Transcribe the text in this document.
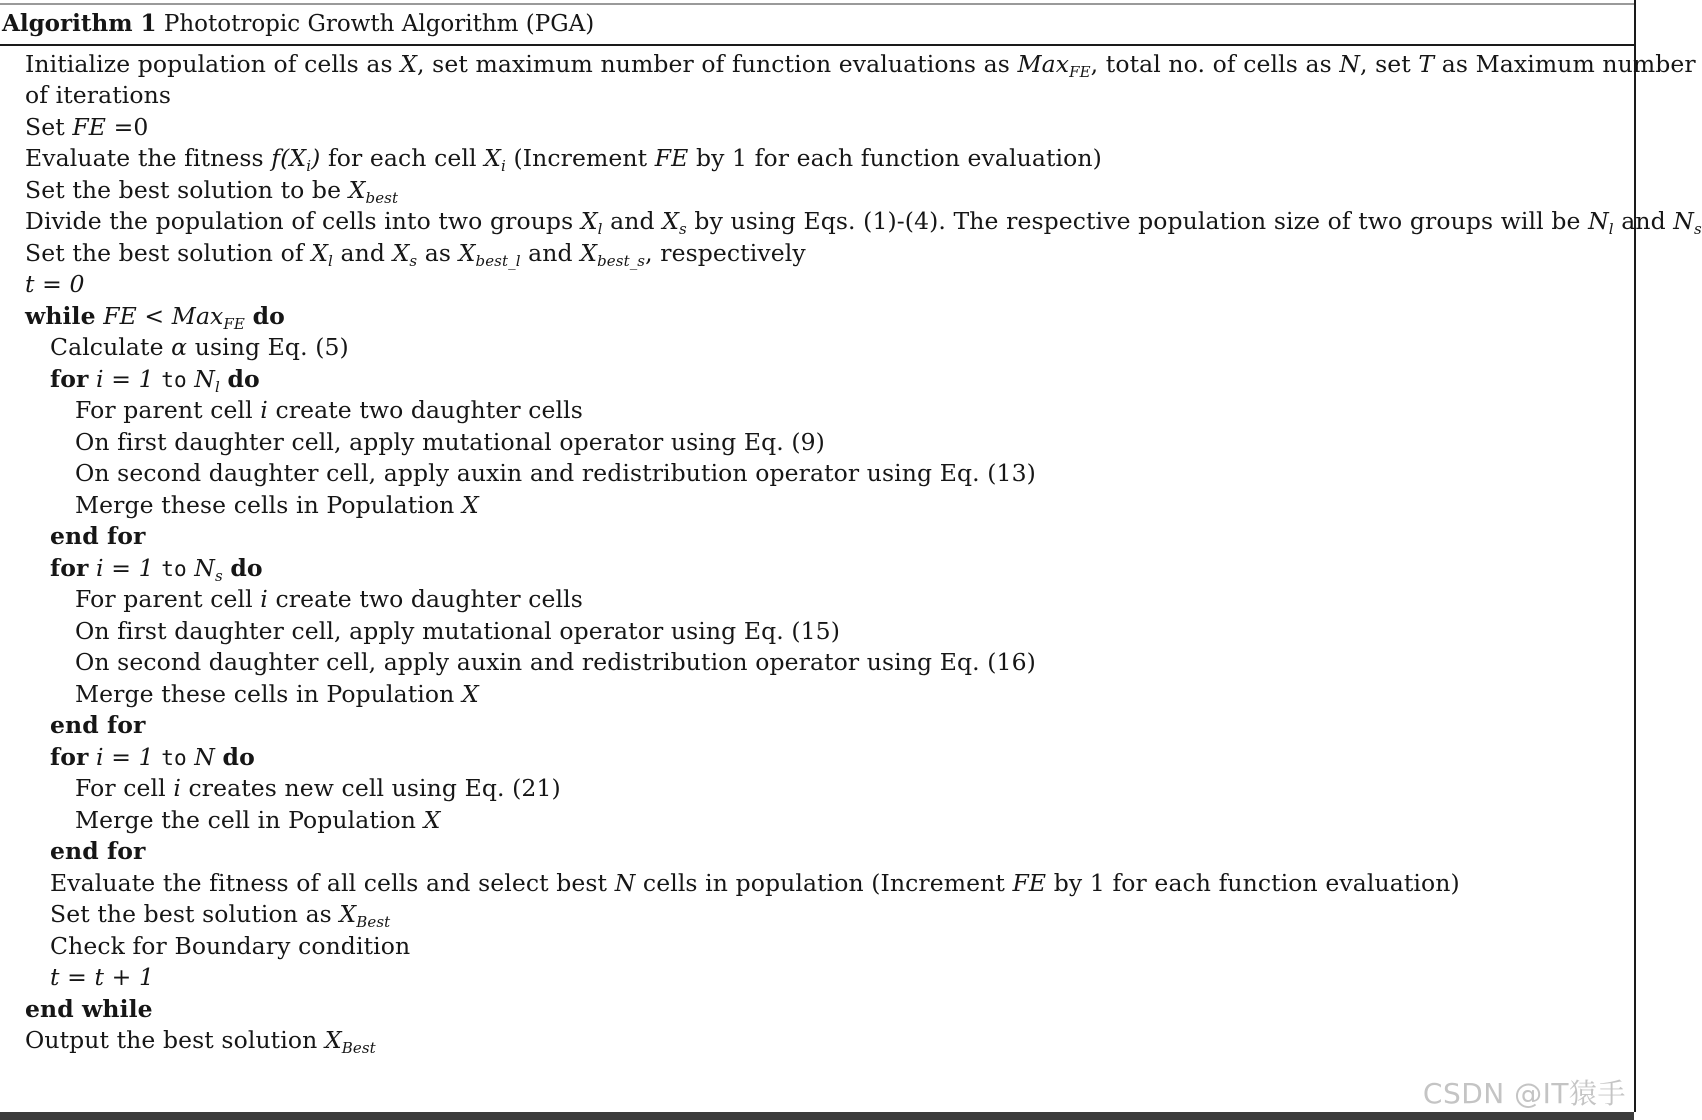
Algorithm 1 Phototropic Growth Algorithm (PGA)
Initialize population of cells as X, set maximum number of function evaluations as Max$_{FE}$, total no. of cells as N, set T as Maximum number
of iterations
Set FE =0
Evaluate the fitness $f(X_i)$ for each cell $X_i$ (Increment FE by 1 for each function evaluation)
Set the best solution to be $X_{best}$
Divide the population of cells into two groups $X_l$ and $X_s$ by using Eqs. (1)-(4). The respective population size of two groups will be $N_l$ and $N_s$
Set the best solution of $X_l$ and $X_s$ as $X_{best\_l}$ and $X_{best\_s}$, respectively
t = 0
while FE < Max$_{FE}$ do
Calculate α using Eq. (5)
for i = 1 to $N_l$ do
For parent cell i create two daughter cells
On first daughter cell, apply mutational operator using Eq. (9)
On second daughter cell, apply auxin and redistribution operator using Eq. (13)
Merge these cells in Population X
end for
for i = 1 to $N_s$ do
For parent cell i create two daughter cells
On first daughter cell, apply mutational operator using Eq. (15)
On second daughter cell, apply auxin and redistribution operator using Eq. (16)
Merge these cells in Population X
end for
for i = 1 to N do
For cell i creates new cell using Eq. (21)
Merge the cell in Population X
end for
Evaluate the fitness of all cells and select best N cells in population (Increment FE by 1 for each function evaluation)
Set the best solution as $X_{Best}$
Check for Boundary condition
t = t + 1
end while
Output the best solution $X_{Best}$
CSDN @IT猿手
